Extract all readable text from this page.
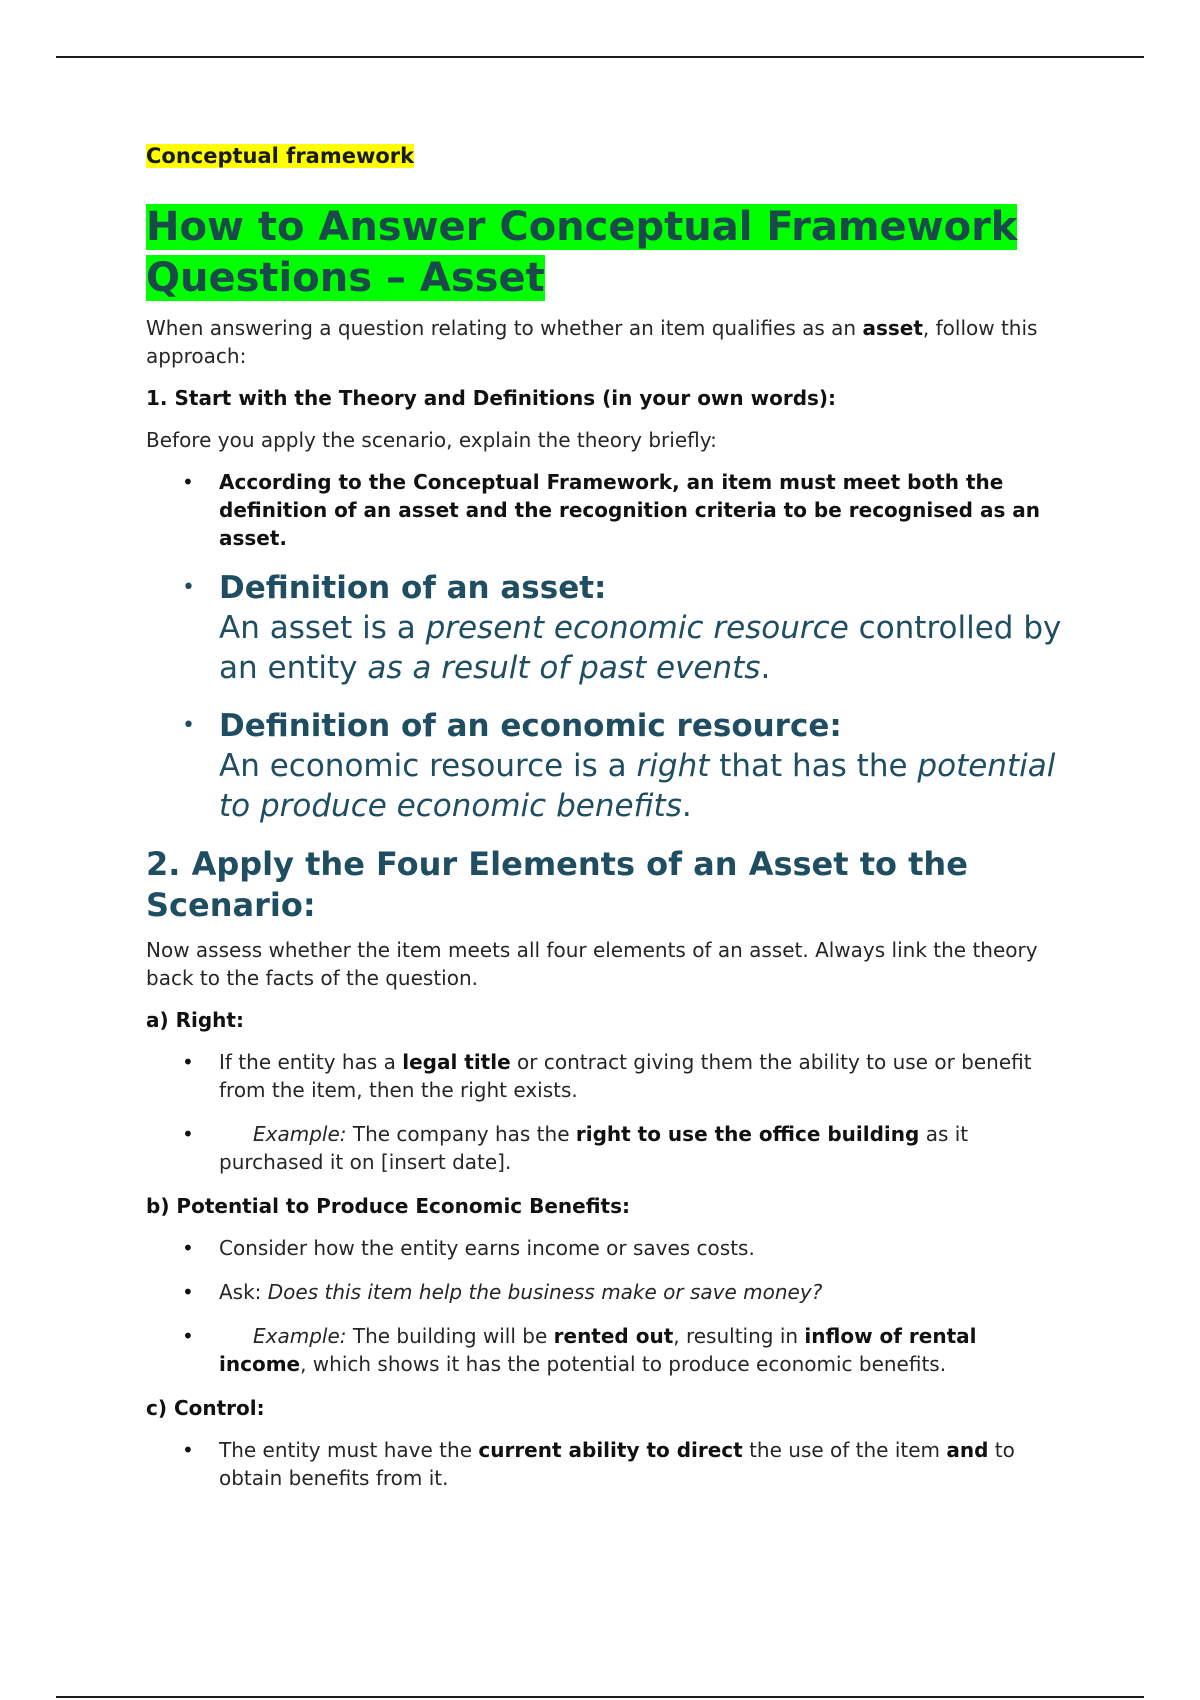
Conceptual framework
How to Answer Conceptual Framework Questions – Asset

When answering a question relating to whether an item qualifies as an asset, follow this approach:

1. Start with the Theory and Definitions (in your own words):

Before you apply the scenario, explain the theory briefly:

• According to the Conceptual Framework, an item must meet both the definition of an asset and the recognition criteria to be recognised as an asset.
• Definition of an asset:
An asset is a present economic resource controlled by an entity as a result of past events.
• Definition of an economic resource:
An economic resource is a right that has the potential to produce economic benefits.
2. Apply the Four Elements of an Asset to the Scenario:

Now assess whether the item meets all four elements of an asset. Always link the theory back to the facts of the question.

a) Right:

• If the entity has a legal title or contract giving them the ability to use or benefit from the item, then the right exists.
• Example: The company has the right to use the office building as it purchased it on [insert date].

b) Potential to Produce Economic Benefits:

• Consider how the entity earns income or saves costs.
• Ask: Does this item help the business make or save money?
• Example: The building will be rented out, resulting in inflow of rental income, which shows it has the potential to produce economic benefits.

c) Control:

• The entity must have the current ability to direct the use of the item and to obtain benefits from it.
